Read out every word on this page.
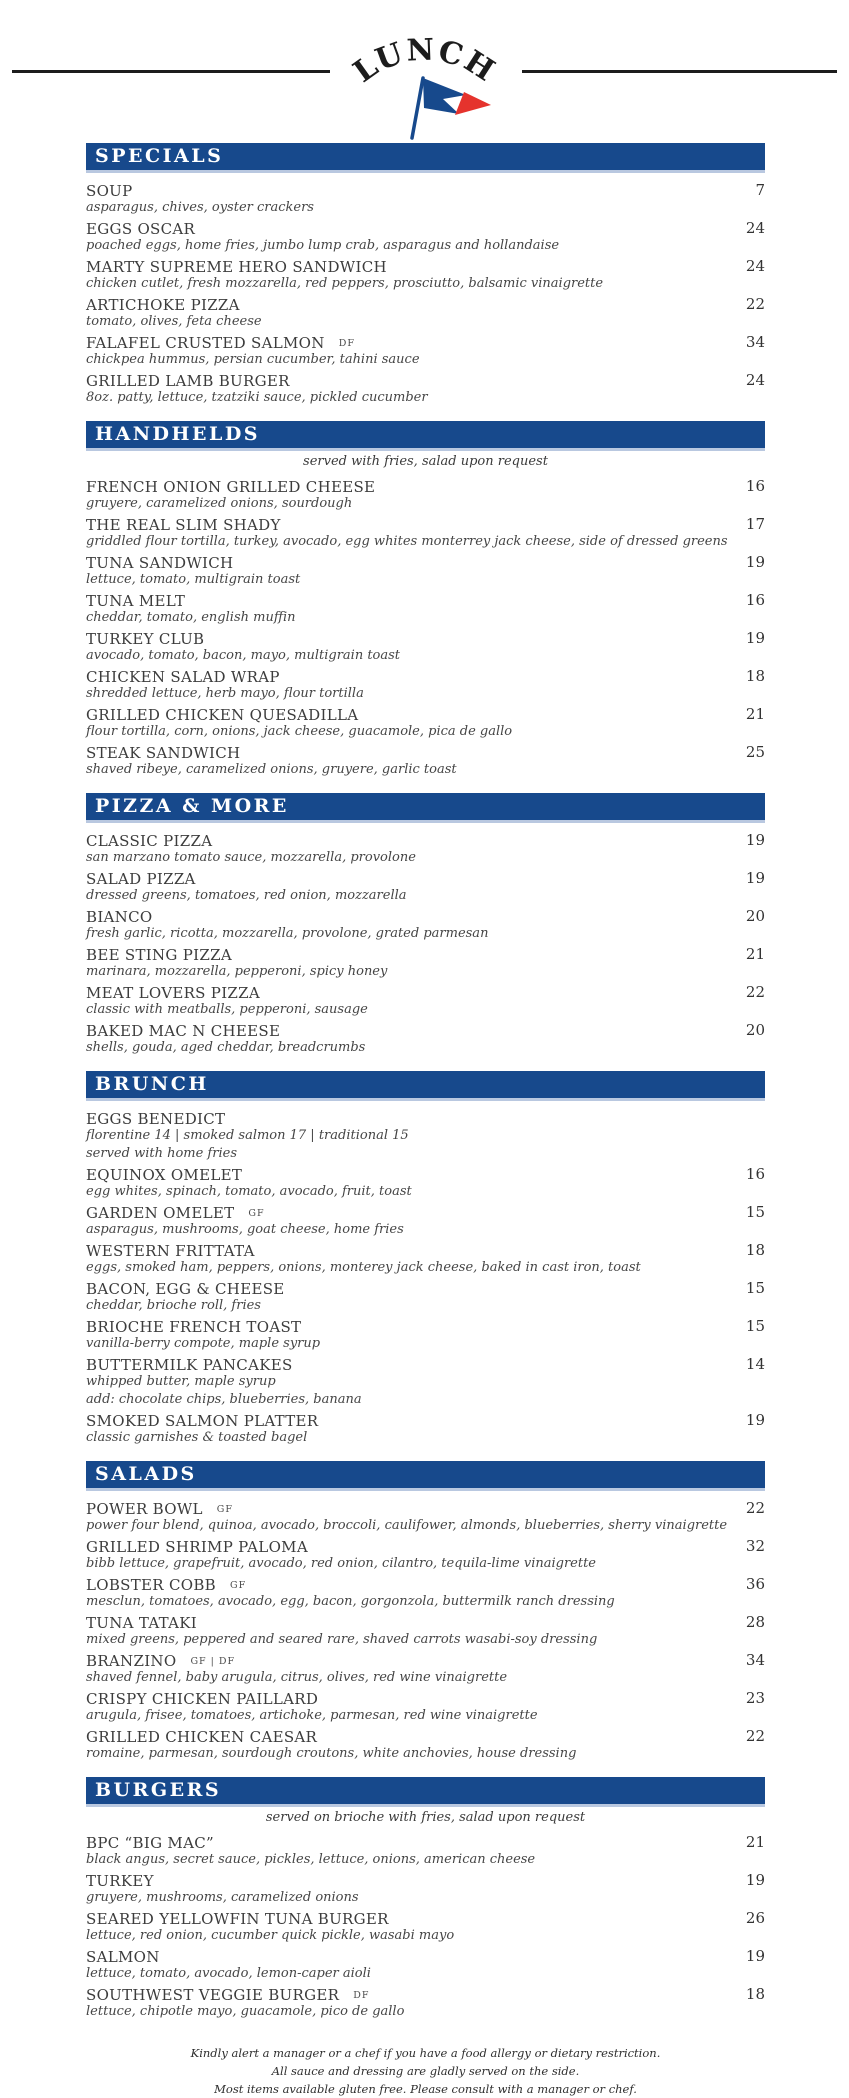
LUNCH
SPECIALS
SOUP
asparagus, chives, oyster crackers
7
EGGS OSCAR
poached eggs, home fries, jumbo lump crab, asparagus and hollandaise
24
MARTY SUPREME HERO SANDWICH
chicken cutlet, fresh mozzarella, red peppers, prosciutto, balsamic vinaigrette
24
ARTICHOKE PIZZA
tomato, olives, feta cheese
22
FALAFEL CRUSTED SALMON DF
chickpea hummus, persian cucumber, tahini sauce
34
GRILLED LAMB BURGER
8oz. patty, lettuce, tzatziki sauce, pickled cucumber
24
HANDHELDS
served with fries, salad upon request
FRENCH ONION GRILLED CHEESE
gruyere, caramelized onions, sourdough
16
THE REAL SLIM SHADY
griddled flour tortilla, turkey, avocado, egg whites monterrey jack cheese, side of dressed greens
17
TUNA SANDWICH
lettuce, tomato, multigrain toast
19
TUNA MELT
cheddar, tomato, english muffin
16
TURKEY CLUB
avocado, tomato, bacon, mayo, multigrain toast
19
CHICKEN SALAD WRAP
shredded lettuce, herb mayo, flour tortilla
18
GRILLED CHICKEN QUESADILLA
flour tortilla, corn, onions, jack cheese, guacamole, pica de gallo
21
STEAK SANDWICH
shaved ribeye, caramelized onions, gruyere, garlic toast
25
PIZZA & MORE
CLASSIC PIZZA
san marzano tomato sauce, mozzarella, provolone
19
SALAD PIZZA
dressed greens, tomatoes, red onion, mozzarella
19
BIANCO
fresh garlic, ricotta, mozzarella, provolone, grated parmesan
20
BEE STING PIZZA
marinara, mozzarella, pepperoni, spicy honey
21
MEAT LOVERS PIZZA
classic with meatballs, pepperoni, sausage
22
BAKED MAC N CHEESE
shells, gouda, aged cheddar, breadcrumbs
20
BRUNCH
EGGS BENEDICT
florentine 14 | smoked salmon 17 | traditional 15
served with home fries
EQUINOX OMELET
egg whites, spinach, tomato, avocado, fruit, toast
16
GARDEN OMELET GF
asparagus, mushrooms, goat cheese, home fries
15
WESTERN FRITTATA
eggs, smoked ham, peppers, onions, monterey jack cheese, baked in cast iron, toast
18
BACON, EGG & CHEESE
cheddar, brioche roll, fries
15
BRIOCHE FRENCH TOAST
vanilla-berry compote, maple syrup
15
BUTTERMILK PANCAKES
whipped butter, maple syrup
add: chocolate chips, blueberries, banana
14
SMOKED SALMON PLATTER
classic garnishes & toasted bagel
19
SALADS
POWER BOWL GF
power four blend, quinoa, avocado, broccoli, caulifower, almonds, blueberries, sherry vinaigrette
22
GRILLED SHRIMP PALOMA
bibb lettuce, grapefruit, avocado, red onion, cilantro, tequila-lime vinaigrette
32
LOBSTER COBB GF
mesclun, tomatoes, avocado, egg, bacon, gorgonzola, buttermilk ranch dressing
36
TUNA TATAKI
mixed greens, peppered and seared rare, shaved carrots wasabi-soy dressing
28
BRANZINO GF | DF
shaved fennel, baby arugula, citrus, olives, red wine vinaigrette
34
CRISPY CHICKEN PAILLARD
arugula, frisee, tomatoes, artichoke, parmesan, red wine vinaigrette
23
GRILLED CHICKEN CAESAR
romaine, parmesan, sourdough croutons, white anchovies, house dressing
22
BURGERS
served on brioche with fries, salad upon request
BPC “BIG MAC”
black angus, secret sauce, pickles, lettuce, onions, american cheese
21
TURKEY
gruyere, mushrooms, caramelized onions
19
SEARED YELLOWFIN TUNA BURGER
lettuce, red onion, cucumber quick pickle, wasabi mayo
26
SALMON
lettuce, tomato, avocado, lemon-caper aioli
19
SOUTHWEST VEGGIE BURGER DF
lettuce, chipotle mayo, guacamole, pico de gallo
18
Kindly alert a manager or a chef if you have a food allergy or dietary restriction.
All sauce and dressing are gladly served on the side.
Most items available gluten free. Please consult with a manager or chef.
